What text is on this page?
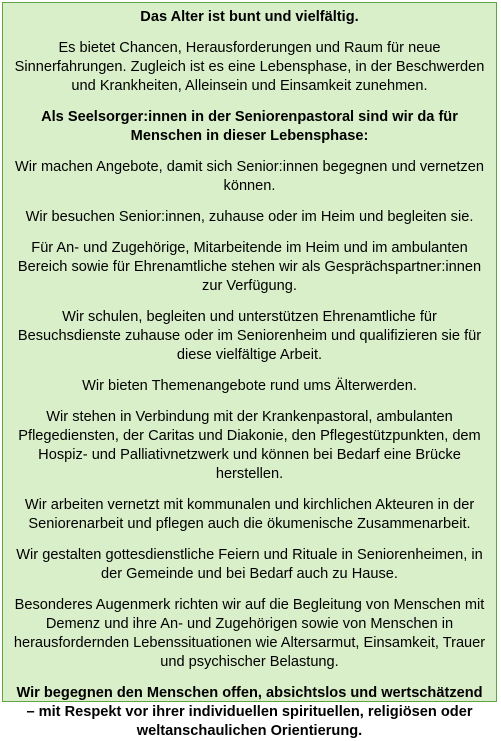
Das Alter ist bunt und vielfältig.

Es bietet Chancen, Herausforderungen und Raum für neue Sinnerfahrungen. Zugleich ist es eine Lebensphase, in der Beschwerden und Krankheiten, Alleinsein und Einsamkeit zunehmen.

Als Seelsorger:innen in der Seniorenpastoral sind wir da für Menschen in dieser Lebensphase:

Wir machen Angebote, damit sich Senior:innen begegnen und vernetzen können.

Wir besuchen Senior:innen, zuhause oder im Heim und begleiten sie.

Für An- und Zugehörige, Mitarbeitende im Heim und im ambulanten Bereich sowie für Ehrenamtliche stehen wir als Gesprächspartner:innen zur Verfügung.

Wir schulen, begleiten und unterstützen Ehrenamtliche für Besuchsdienste zuhause oder im Seniorenheim und qualifizieren sie für diese vielfältige Arbeit.

Wir bieten Themenangebote rund ums Älterwerden.

Wir stehen in Verbindung mit der Krankenpastoral, ambulanten Pflegediensten, der Caritas und Diakonie, den Pflegestützpunkten, dem Hospiz- und Palliativnetzwerk und können bei Bedarf eine Brücke herstellen.

Wir arbeiten vernetzt mit kommunalen und kirchlichen Akteuren in der Seniorenarbeit und pflegen auch die ökumenische Zusammenarbeit.

Wir gestalten gottesdienstliche Feiern und Rituale in Seniorenheimen, in der Gemeinde und bei Bedarf auch zu Hause.

Besonderes Augenmerk richten wir auf die Begleitung von Menschen mit Demenz und ihre An- und Zugehörigen sowie von Menschen in herausfordernden Lebenssituationen wie Altersarmut, Einsamkeit, Trauer und psychischer Belastung.

Wir begegnen den Menschen offen, absichtslos und wertschätzend – mit Respekt vor ihrer individuellen spirituellen, religiösen oder weltanschaulichen Orientierung.
